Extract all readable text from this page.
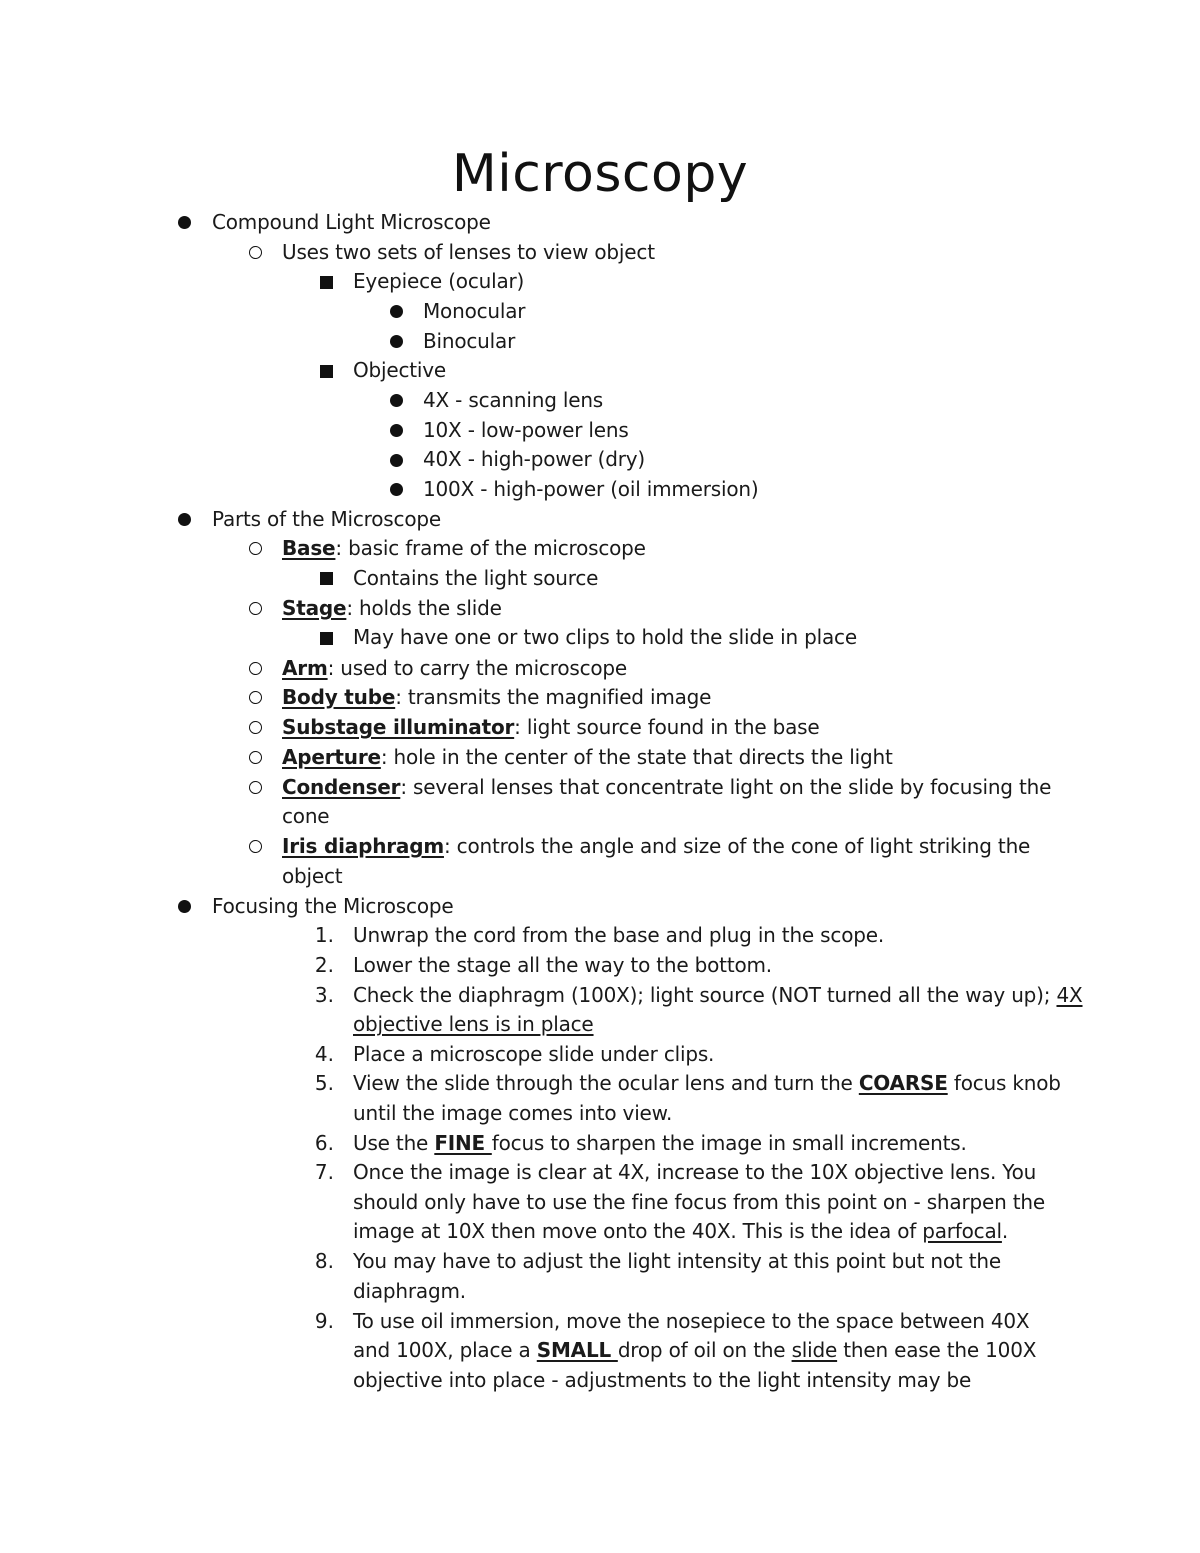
Microscopy
Compound Light Microscope
Uses two sets of lenses to view object
Eyepiece (ocular)
Monocular
Binocular
Objective
4X - scanning lens
10X - low-power lens
40X - high-power (dry)
100X - high-power (oil immersion)
Parts of the Microscope
Base: basic frame of the microscope
Contains the light source
Stage: holds the slide
May have one or two clips to hold the slide in place
Arm: used to carry the microscope
Body tube: transmits the magnified image
Substage illuminator: light source found in the base
Aperture: hole in the center of the state that directs the light
Condenser: several lenses that concentrate light on the slide by focusing the
cone
Iris diaphragm: controls the angle and size of the cone of light striking the
object
Focusing the Microscope
1. Unwrap the cord from the base and plug in the scope.
2. Lower the stage all the way to the bottom.
3. Check the diaphragm (100X); light source (NOT turned all the way up); 4X
objective lens is in place
4. Place a microscope slide under clips.
5. View the slide through the ocular lens and turn the COARSE focus knob
until the image comes into view.
6. Use the FINE focus to sharpen the image in small increments.
7. Once the image is clear at 4X, increase to the 10X objective lens. You
should only have to use the fine focus from this point on - sharpen the
image at 10X then move onto the 40X. This is the idea of parfocal.
8. You may have to adjust the light intensity at this point but not the
diaphragm.
9. To use oil immersion, move the nosepiece to the space between 40X
and 100X, place a SMALL drop of oil on the slide then ease the 100X
objective into place - adjustments to the light intensity may be
